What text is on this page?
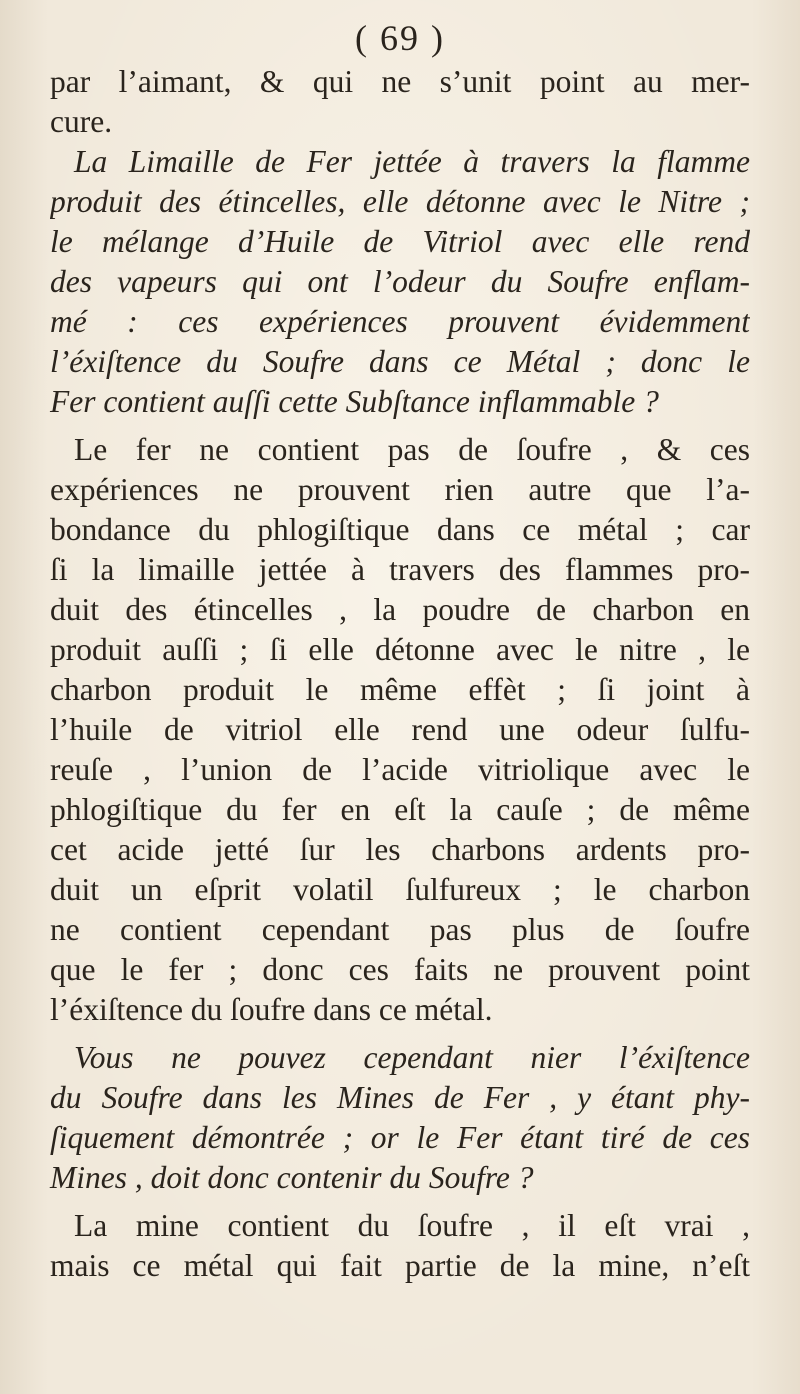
( 69 )
par l’aimant, & qui ne s’unit point au mer-
cure.
La Limaille de Fer jettée à travers la flamme
produit des étincelles, elle détonne avec le Nitre ;
le mélange d’Huile de Vitriol avec elle rend
des vapeurs qui ont l’odeur du Soufre enflam-
mé : ces expériences prouvent évidemment
l’éxiſtence du Soufre dans ce Métal ; donc le
Fer contient auſſi cette Subſtance inflammable ?
Le fer ne contient pas de ſoufre , & ces
expériences ne prouvent rien autre que l’a-
bondance du phlogiſtique dans ce métal ; car
ſi la limaille jettée à travers des flammes pro-
duit des étincelles , la poudre de charbon en
produit auſſi ; ſi elle détonne avec le nitre , le
charbon produit le même effèt ; ſi joint à
l’huile de vitriol elle rend une odeur ſulfu-
reuſe , l’union de l’acide vitriolique avec le
phlogiſtique du fer en eſt la cauſe ; de même
cet acide jetté ſur les charbons ardents pro-
duit un eſprit volatil ſulfureux ; le charbon
ne contient cependant pas plus de ſoufre
que le fer ; donc ces faits ne prouvent point
l’éxiſtence du ſoufre dans ce métal.
Vous ne pouvez cependant nier l’éxiſtence
du Soufre dans les Mines de Fer , y étant phy-
ſiquement démontrée ; or le Fer étant tiré de ces
Mines , doit donc contenir du Soufre ?
La mine contient du ſoufre , il eſt vrai ,
mais ce métal qui fait partie de la mine, n’eſt
